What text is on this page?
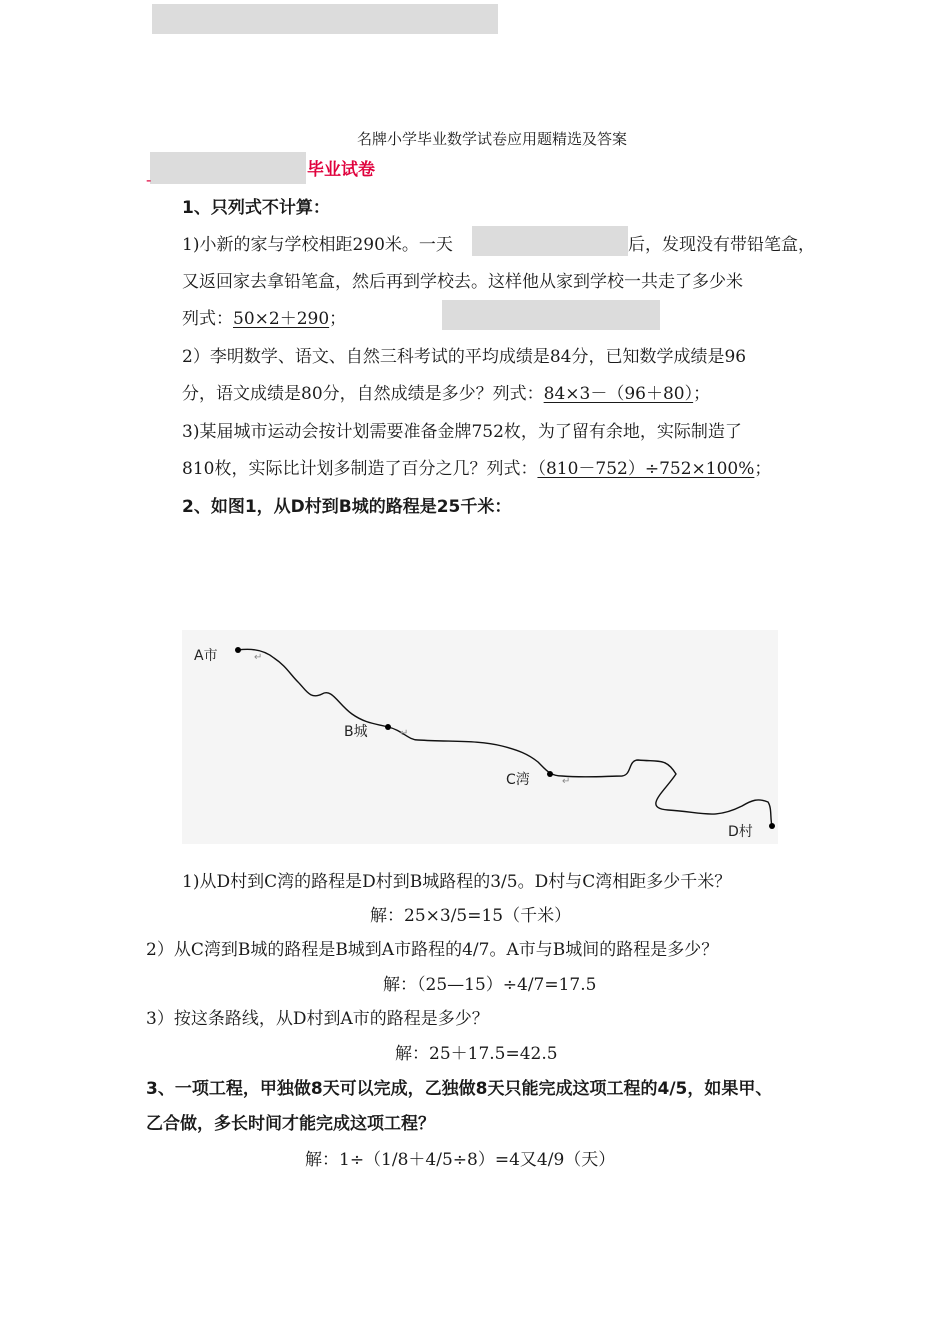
名牌小学毕业数学试卷应用题精选及答案
-	毕业试卷
1、只列式不计算：
1)小新的家与学校相距290米。一天	后，发现没有带铅笔盒，
又返回家去拿铅笔盒，然后再到学校去。这样他从家到学校一共走了多少米
列式：50×2＋290；
2）李明数学、语文、自然三科考试的平均成绩是84分，已知数学成绩是96
分，语文成绩是80分，自然成绩是多少？列式：84×3－（96＋80）；
3)某届城市运动会按计划需要准备金牌752枚，为了留有余地，实际制造了
810枚，实际比计划多制造了百分之几？列式：（810－752）÷752×100%；
2、如图1，从D村到B城的路程是25千米：
A市
B城
C湾
D村
↵
↵
↵
1)从D村到C湾的路程是D村到B城路程的3/5。D村与C湾相距多少千米？
解：25×3/5=15（千米）
2）从C湾到B城的路程是B城到A市路程的4/7。A市与B城间的路程是多少？
解：（25—15）÷4/7=17.5
3）按这条路线，从D村到A市的路程是多少？
解：25＋17.5=42.5
3、一项工程，甲独做8天可以完成，乙独做8天只能完成这项工程的4/5，如果甲、
乙合做，多长时间才能完成这项工程？
解：1÷（1/8＋4/5÷8）=4又4/9（天）
